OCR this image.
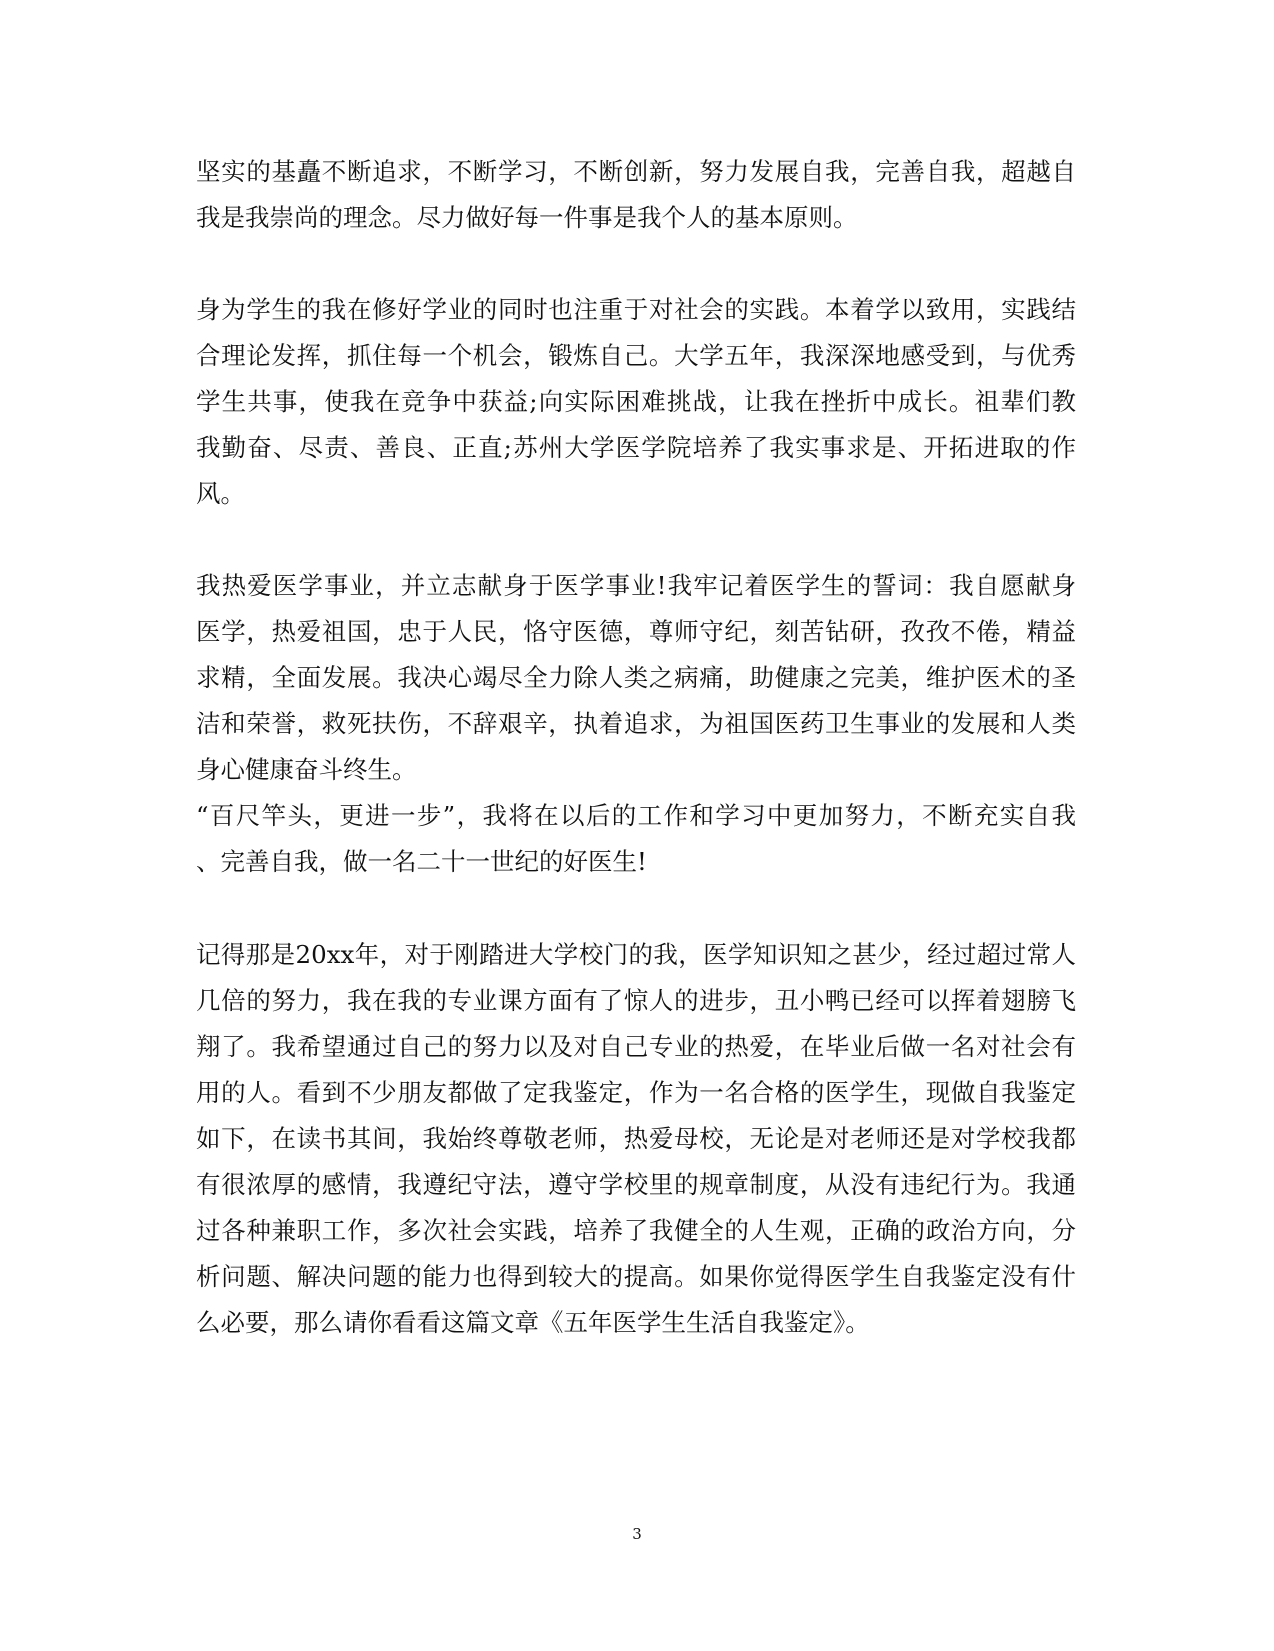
坚实的基矗不断追求，不断学习，不断创新，努力发展自我，完善自我，超越自
我是我崇尚的理念。尽力做好每一件事是我个人的基本原则。
身为学生的我在修好学业的同时也注重于对社会的实践。本着学以致用，实践结
合理论发挥，抓住每一个机会，锻炼自己。大学五年，我深深地感受到，与优秀
学生共事，使我在竞争中获益;向实际困难挑战，让我在挫折中成长。祖辈们教
我勤奋、尽责、善良、正直;苏州大学医学院培养了我实事求是、开拓进取的作
风。
我热爱医学事业，并立志献身于医学事业!我牢记着医学生的誓词：我自愿献身
医学，热爱祖国，忠于人民，恪守医德，尊师守纪，刻苦钻研，孜孜不倦，精益
求精，全面发展。我决心竭尽全力除人类之病痛，助健康之完美，维护医术的圣
洁和荣誉，救死扶伤，不辞艰辛，执着追求，为祖国医药卫生事业的发展和人类
身心健康奋斗终生。
“百尺竿头，更进一步”，我将在以后的工作和学习中更加努力，不断充实自我
、完善自我，做一名二十一世纪的好医生!
记得那是20xx年，对于刚踏进大学校门的我，医学知识知之甚少，经过超过常人
几倍的努力，我在我的专业课方面有了惊人的进步，丑小鸭已经可以挥着翅膀飞
翔了。我希望通过自己的努力以及对自己专业的热爱，在毕业后做一名对社会有
用的人。看到不少朋友都做了定我鉴定，作为一名合格的医学生，现做自我鉴定
如下，在读书其间，我始终尊敬老师，热爱母校，无论是对老师还是对学校我都
有很浓厚的感情，我遵纪守法，遵守学校里的规章制度，从没有违纪行为。我通
过各种兼职工作，多次社会实践，培养了我健全的人生观，正确的政治方向，分
析问题、解决问题的能力也得到较大的提高。如果你觉得医学生自我鉴定没有什
么必要，那么请你看看这篇文章《五年医学生生活自我鉴定》。
3
